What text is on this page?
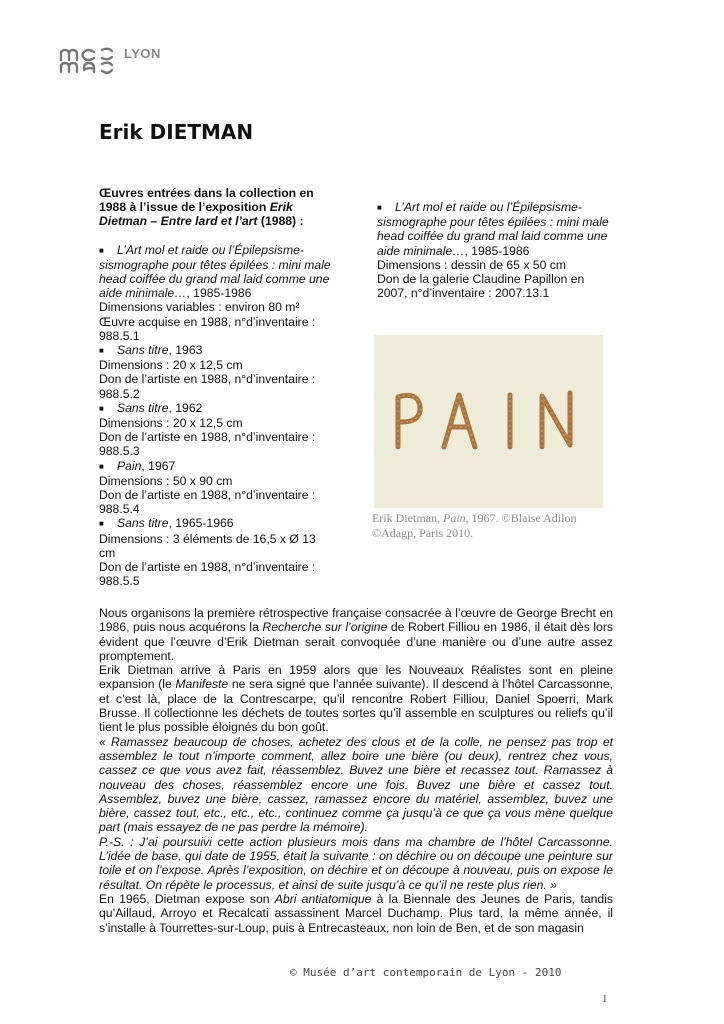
LYON
Erik DIETMAN
Œuvres entrées dans la collection en 1988 à l’issue de l’exposition Erik Dietman – Entre lard et l’art (1988) :
■ L’Art mol et raide ou l’Épilepsisme-sismographe pour têtes épilées : mini male head coiffée du grand mal laid comme une aide minimale…, 1985-1986
Dimensions variables : environ 80 m²
Œuvre acquise en 1988, n°d’inventaire : 988.5.1
■ Sans titre, 1963
Dimensions : 20 x 12,5 cm
Don de l’artiste en 1988, n°d’inventaire : 988.5.2
■ Sans titre, 1962
Dimensions : 20 x 12,5 cm
Don de l’artiste en 1988, n°d’inventaire : 988.5.3
■ Pain, 1967
Dimensions : 50 x 90 cm
Don de l’artiste en 1988, n°d’inventaire : 988.5.4
■ Sans titre, 1965-1966
Dimensions : 3 éléments de 16,5 x Ø 13 cm
Don de l’artiste en 1988, n°d’inventaire : 988.5.5
■ L’Art mol et raide ou l’Épilepsisme-sismographe pour têtes épilées : mini male head coiffée du grand mal laid comme une aide minimale…, 1985-1986
Dimensions : dessin de 65 x 50 cm
Don de la galerie Claudine Papillon en 2007, n°d’inventaire : 2007.13.1
Erik Dietman, Pain, 1967. ©Blaise Adilon ©Adagp, Paris 2010.

Nous organisons la première rétrospective française consacrée à l’œuvre de George Brecht en 1986, puis nous acquérons la Recherche sur l’origine de Robert Filliou en 1986, il était dès lors évident que l’œuvre d’Erik Dietman serait convoquée d’une manière ou d’une autre assez promptement.

Erik Dietman arrive à Paris en 1959 alors que les Nouveaux Réalistes sont en pleine expansion (le Manifeste ne sera signé que l’année suivante). Il descend à l’hôtel Carcassonne, et c’est là, place de la Contrescarpe, qu’il rencontre Robert Filliou, Daniel Spoerri, Mark Brusse. Il collectionne les déchets de toutes sortes qu’il assemble en sculptures ou reliefs qu’il tient le plus possible éloignés du bon goût.

« Ramassez beaucoup de choses, achetez des clous et de la colle, ne pensez pas trop et assemblez le tout n’importe comment, allez boire une bière (ou deux), rentrez chez vous, cassez ce que vous avez fait, réassemblez. Buvez une bière et recassez tout. Ramassez à nouveau des choses, réassemblez encore une fois. Buvez une bière et cassez tout. Assemblez, buvez une bière, cassez, ramassez encore du matériel, assemblez, buvez une bière, cassez tout, etc., etc., etc., continuez comme ça jusqu’à ce que ça vous mène quelque part (mais essayez de ne pas perdre la mémoire).

P.-S. : J’ai poursuivi cette action plusieurs mois dans ma chambre de l’hôtel Carcassonne. L’idée de base, qui date de 1955, était la suivante : on déchire ou on découpe une peinture sur toile et on l’expose. Après l’exposition, on déchire et on découpe à nouveau, puis on expose le résultat. On répète le processus, et ainsi de suite jusqu’à ce qu’il ne reste plus rien. »

En 1965, Dietman expose son Abri antiatomique à la Biennale des Jeunes de Paris, tandis qu’Aillaud, Arroyo et Recalcati assassinent Marcel Duchamp. Plus tard, la même année, il s’installe à Tourrettes-sur-Loup, puis à Entrecasteaux, non loin de Ben, et de son magasin

© Musée d’art contemporain de Lyon - 2010
1
